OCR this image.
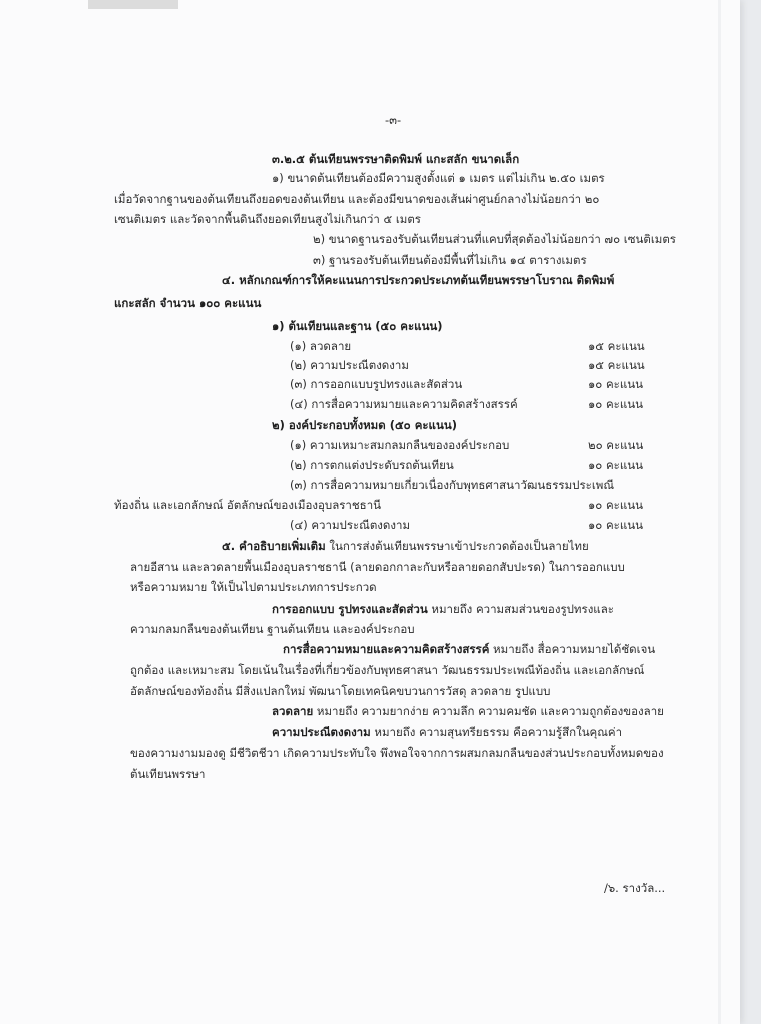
-๓-
๓.๒.๕ ต้นเทียนพรรษาติดพิมพ์ แกะสลัก ขนาดเล็ก
๑) ขนาดต้นเทียนต้องมีความสูงตั้งแต่ ๑ เมตร แต่ไม่เกิน ๒.๕๐ เมตร
เมื่อวัดจากฐานของต้นเทียนถึงยอดของต้นเทียน และต้องมีขนาดของเส้นผ่าศูนย์กลางไม่น้อยกว่า ๒๐
เซนติเมตร และวัดจากพื้นดินถึงยอดเทียนสูงไม่เกินกว่า ๕ เมตร
๒) ขนาดฐานรองรับต้นเทียนส่วนที่แคบที่สุดต้องไม่น้อยกว่า ๗๐ เซนติเมตร
๓) ฐานรองรับต้นเทียนต้องมีพื้นที่ไม่เกิน ๑๔ ตารางเมตร
๔. หลักเกณฑ์การให้คะแนนการประกวดประเภทต้นเทียนพรรษาโบราณ ติดพิมพ์
แกะสลัก จำนวน ๑๐๐ คะแนน
๑) ต้นเทียนและฐาน (๕๐ คะแนน)
(๑) ลวดลาย	๑๕ คะแนน
(๒) ความประณีตงดงาม	๑๕ คะแนน
(๓) การออกแบบรูปทรงและสัดส่วน	๑๐ คะแนน
(๔) การสื่อความหมายและความคิดสร้างสรรค์	๑๐ คะแนน
๒) องค์ประกอบทั้งหมด (๕๐ คะแนน)
(๑) ความเหมาะสมกลมกลืนขององค์ประกอบ	๒๐ คะแนน
(๒) การตกแต่งประดับรถต้นเทียน	๑๐ คะแนน
(๓) การสื่อความหมายเกี่ยวเนื่องกับพุทธศาสนาวัฒนธรรมประเพณี
ท้องถิ่น และเอกลักษณ์ อัตลักษณ์ของเมืองอุบลราชธานี	๑๐ คะแนน
(๔) ความประณีตงดงาม	๑๐ คะแนน
๕. คำอธิบายเพิ่มเติม ในการส่งต้นเทียนพรรษาเข้าประกวดต้องเป็นลายไทย
ลายอีสาน และลวดลายพื้นเมืองอุบลราชธานี (ลายดอกกาละกับหรือลายดอกสับปะรด) ในการออกแบบ
หรือความหมาย ให้เป็นไปตามประเภทการประกวด
การออกแบบ รูปทรงและสัดส่วน หมายถึง ความสมส่วนของรูปทรงและ
ความกลมกลืนของต้นเทียน ฐานต้นเทียน และองค์ประกอบ
การสื่อความหมายและความคิดสร้างสรรค์ หมายถึง สื่อความหมายได้ชัดเจน
ถูกต้อง และเหมาะสม โดยเน้นในเรื่องที่เกี่ยวข้องกับพุทธศาสนา วัฒนธรรมประเพณีท้องถิ่น และเอกลักษณ์
อัตลักษณ์ของท้องถิ่น มีสิ่งแปลกใหม่ พัฒนาโดยเทคนิคขบวนการวัสดุ ลวดลาย รูปแบบ
ลวดลาย หมายถึง ความยากง่าย ความลึก ความคมชัด และความถูกต้องของลาย
ความประณีตงดงาม หมายถึง ความสุนทรียธรรม คือความรู้สึกในคุณค่า
ของความงามมองดู มีชีวิตชีวา เกิดความประทับใจ พึงพอใจจากการผสมกลมกลืนของส่วนประกอบทั้งหมดของ
ต้นเทียนพรรษา
/๖. รางวัล...
